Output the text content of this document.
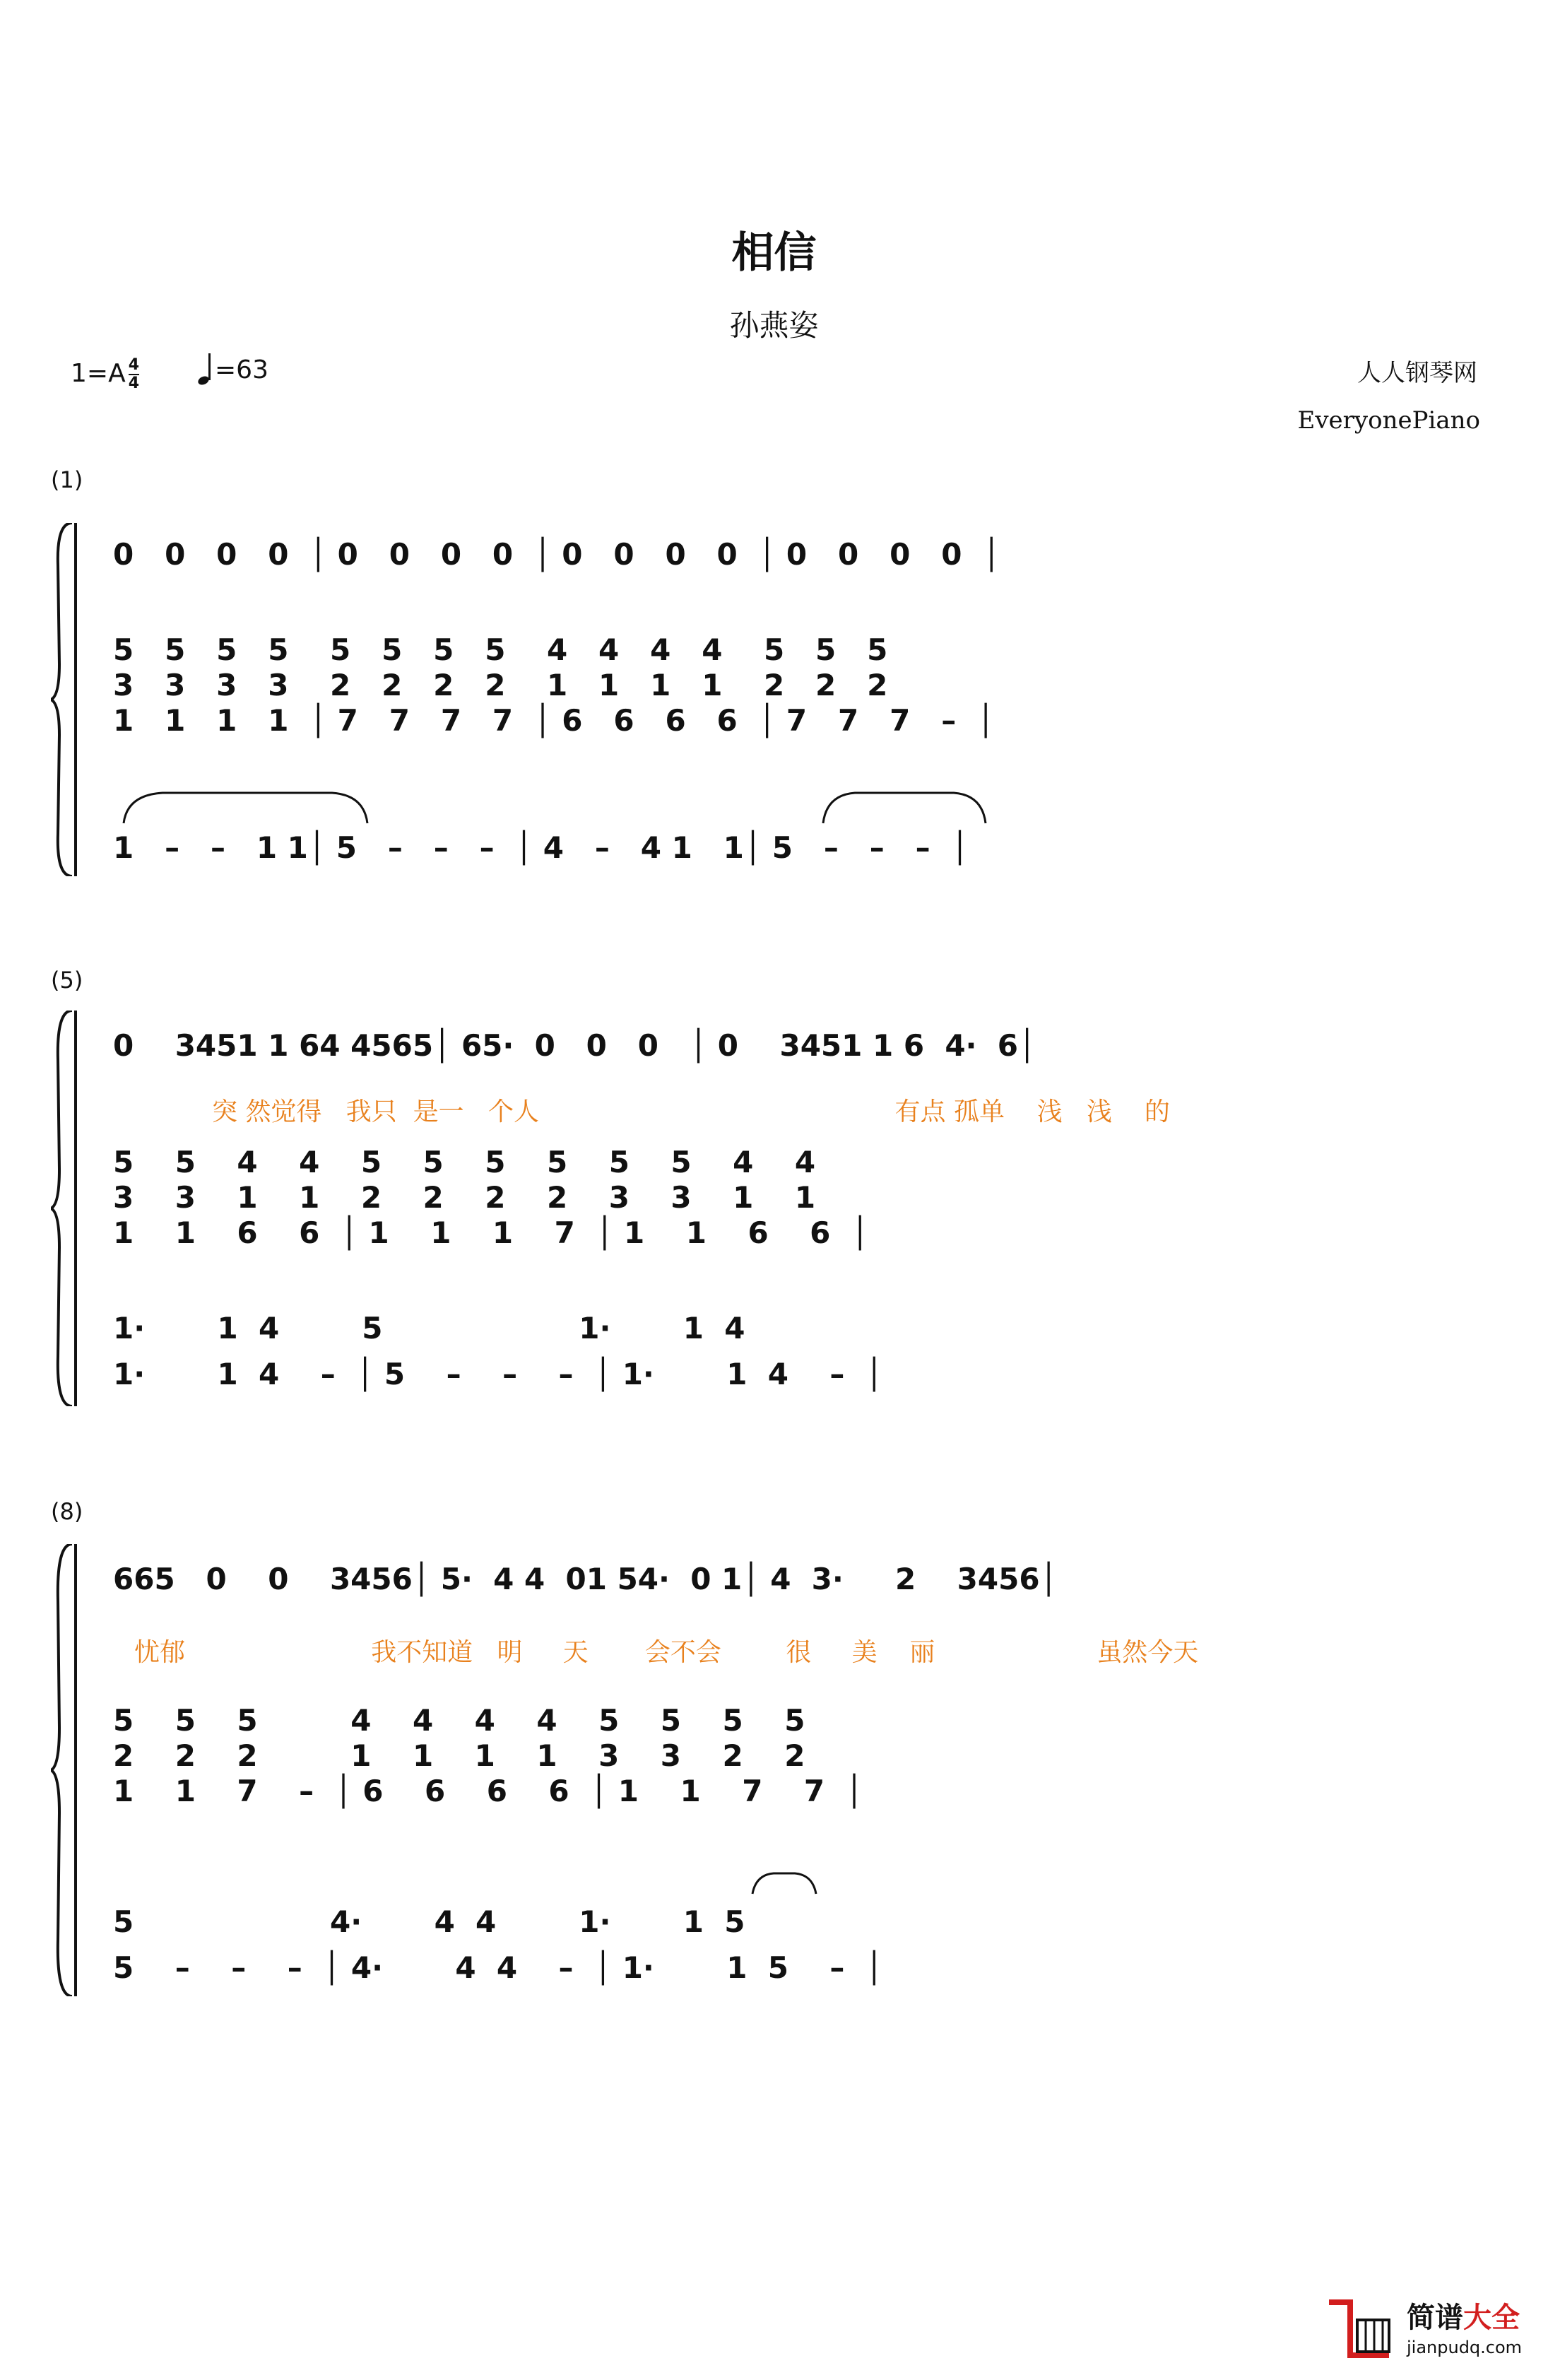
相信
孙燕姿
$1=A \frac{4}{4}$	=63	人人钢琴网
EveryonePiano
(1)
0   0   0   0  │ 0   0   0   0  │ 0   0   0   0  │ 0   0   0   0  │
5   5   5   5    5   5   5   5    4   4   4   4    5   5   5
3   3   3   3    2   2   2   2    1   1   1   1    2   2   2
1   1   1   1  │ 7   7   7   7  │ 6   6   6   6  │ 7   7   7   –  │
1   –   –   1 1│ 5   –   –   –  │ 4   –   4 1   1│ 5   –   –   –  │
(5)
0    3451 1 64 4565│ 65·  0   0   0   │ 0    3451 1 6  4·  6│
突 然觉得   我只  是一   个人                                            有点 孤单    浅   浅    的
5    5    4    4    5    5    5    5    5    5    4    4
3    3    1    1    2    2    2    2    3    3    1    1
1    1    6    6  │ 1    1    1    7  │ 1    1    6    6  │
1·       1  4        5                   1·       1  4
1·       1  4    –  │ 5    –    –    –  │ 1·       1  4    –  │
(8)
665   0    0    3456│ 5·  4 4  01 54·  0 1│ 4  3·     2    3456│
忧郁                       我不知道   明     天       会不会        很     美    丽                    虽然今天
5    5    5         4    4    4    4    5    5    5    5
2    2    2         1    1    1    1    3    3    2    2
1    1    7    –  │ 6    6    6    6  │ 1    1    7    7  │
5                   4·       4  4        1·       1  5
5    –    –    –  │ 4·       4  4    –  │ 1·       1  5    –  │
简谱大全
jianpudq.com
